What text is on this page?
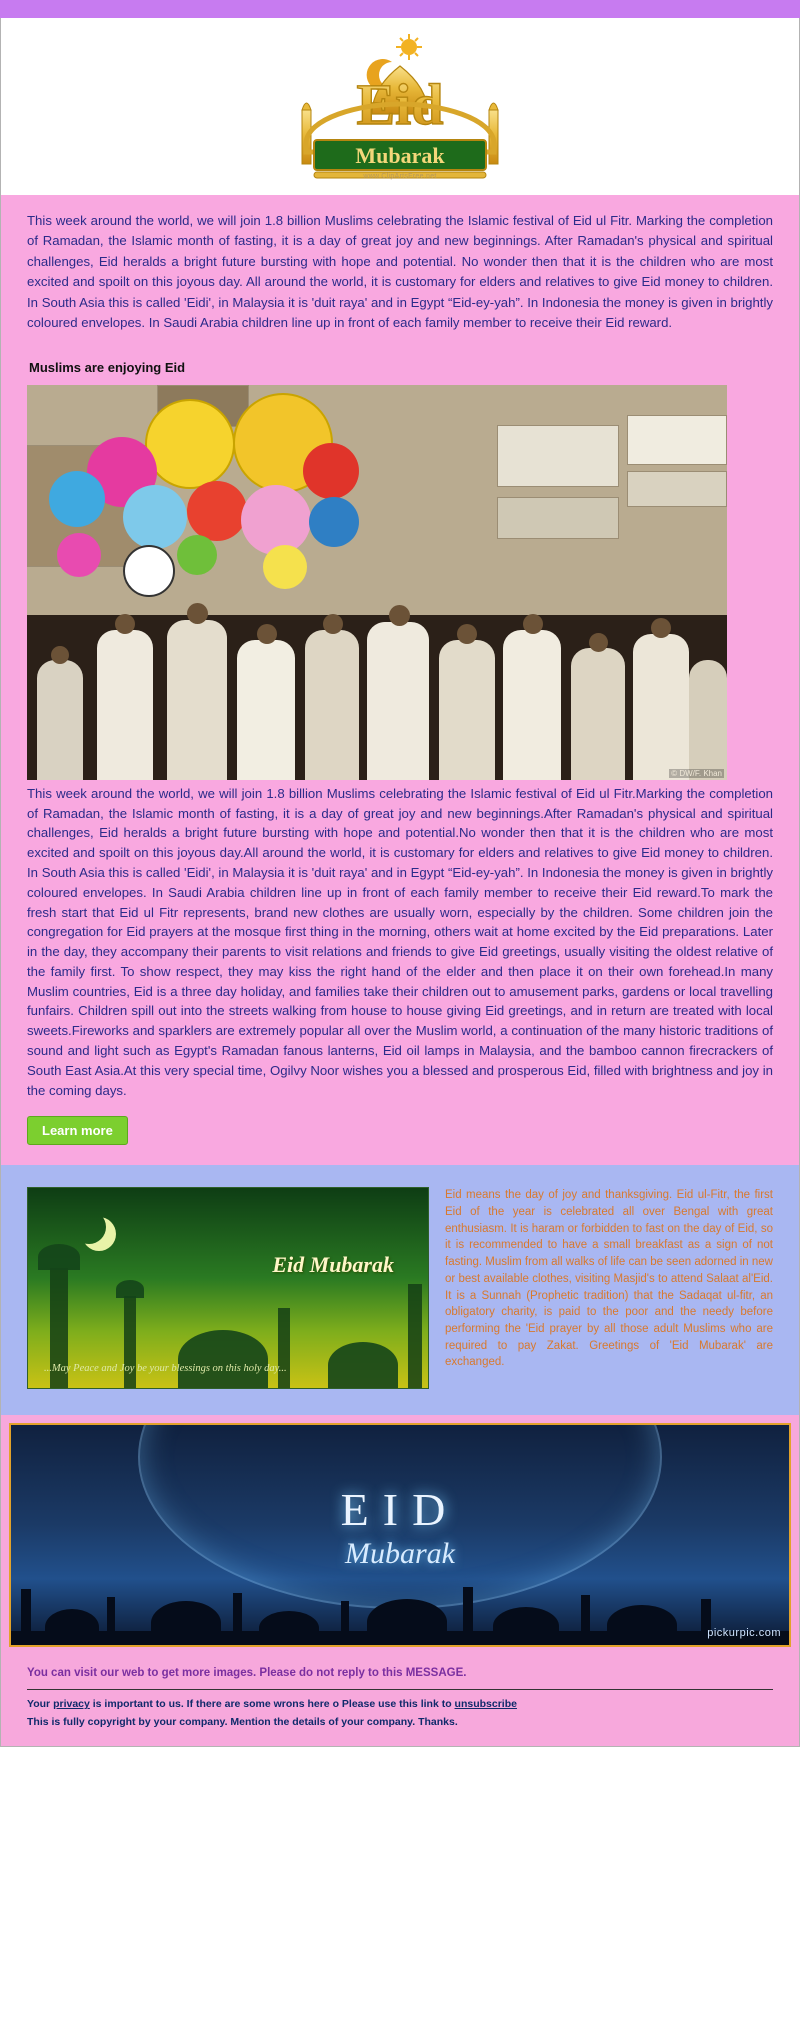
Eid
Mubarak
www.ClipArtsFree.net

This week around the world, we will join 1.8 billion Muslims celebrating the Islamic festival of Eid ul Fitr. Marking the completion of Ramadan, the Islamic month of fasting, it is a day of great joy and new beginnings. After Ramadan's physical and spiritual challenges, Eid heralds a bright future bursting with hope and potential. No wonder then that it is the children who are most excited and spoilt on this joyous day. All around the world, it is customary for elders and relatives to give Eid money to children. In South Asia this is called 'Eidi', in Malaysia it is 'duit raya' and in Egypt “Eid-ey-yah”. In Indonesia the money is given in brightly coloured envelopes. In Saudi Arabia children line up in front of each family member to receive their Eid reward.

Muslims are enjoying Eid
© DW/F. Khan

This week around the world, we will join 1.8 billion Muslims celebrating the Islamic festival of Eid ul Fitr.Marking the completion of Ramadan, the Islamic month of fasting, it is a day of great joy and new beginnings.After Ramadan's physical and spiritual challenges, Eid heralds a bright future bursting with hope and potential.No wonder then that it is the children who are most excited and spoilt on this joyous day.All around the world, it is customary for elders and relatives to give Eid money to children. In South Asia this is called 'Eidi', in Malaysia it is 'duit raya' and in Egypt “Eid-ey-yah”. In Indonesia the money is given in brightly coloured envelopes. In Saudi Arabia children line up in front of each family member to receive their Eid reward.To mark the fresh start that Eid ul Fitr represents, brand new clothes are usually worn, especially by the children. Some children join the congregation for Eid prayers at the mosque first thing in the morning, others wait at home excited by the Eid preparations. Later in the day, they accompany their parents to visit relations and friends to give Eid greetings, usually visiting the oldest relative of the family first. To show respect, they may kiss the right hand of the elder and then place it on their own forehead.In many Muslim countries, Eid is a three day holiday, and families take their children out to amusement parks, gardens or local travelling funfairs. Children spill out into the streets walking from house to house giving Eid greetings, and in return are treated with local sweets.Fireworks and sparklers are extremely popular all over the Muslim world, a continuation of the many historic traditions of sound and light such as Egypt's Ramadan fanous lanterns, Eid oil lamps in Malaysia, and the bamboo cannon firecrackers of South East Asia.At this very special time, Ogilvy Noor wishes you a blessed and prosperous Eid, filled with brightness and joy in the coming days.

Learn more
Eid Mubarak
...May Peace and Joy be your blessings on this holy day...

Eid means the day of joy and thanksgiving. Eid ul-Fitr, the first Eid of the year is celebrated all over Bengal with great enthusiasm. It is haram or forbidden to fast on the day of Eid, so it is recommended to have a small breakfast as a sign of not fasting. Muslim from all walks of life can be seen adorned in new or best available clothes, visiting Masjid's to attend Salaat al'Eid. It is a Sunnah (Prophetic tradition) that the Sadaqat ul-fitr, an obligatory charity, is paid to the poor and the needy before performing the 'Eid prayer by all those adult Muslims who are required to pay Zakat. Greetings of 'Eid Mubarak' are exchanged.

EID
Mubarak
pickurpic.com

You can visit our web to get more images. Please do not reply to this MESSAGE.

Your privacy is important to us. If there are some wrons here o Please use this link to unsubscribe

This is fully copyright by your company. Mention the details of your company. Thanks.
